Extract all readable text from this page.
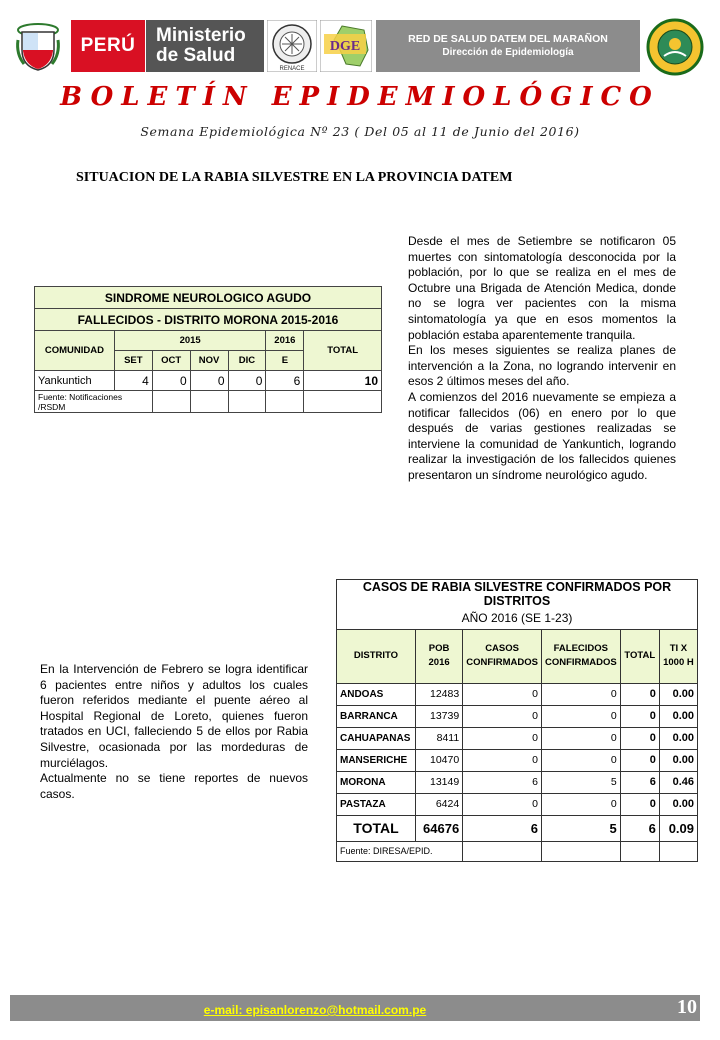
PERÚ Ministerio
de Salud
RENACE
DGE	RED DE SALUD DATEM DEL MARAÑON
Dirección de Epidemiología
BOLETÍN EPIDEMIOLÓGICO
Semana Epidemiológica Nº 23 ( Del 05 al 11 de Junio del 2016)
SITUACION DE LA RABIA SILVESTRE EN LA PROVINCIA DATEM
SINDROME NEUROLOGICO AGUDO						
FALLECIDOS - DISTRITO MORONA 2015-2016						
COMUNIDAD	2015				2016	TOTAL
	SET	OCT	NOV	DIC	E	
Yankuntich	4	0	0	0	6	10
Fuente: Notificaciones /RSDM						

Desde el mes de Setiembre se notificaron 05 muertes con sintomatología desconocida por la población, por lo que se realiza en el mes de Octubre una Brigada de Atención Medica, donde no se logra ver pacientes con la misma sintomatología ya que en esos momentos la población estaba aparentemente tranquila.

En los meses siguientes se realiza planes de intervención a la Zona, no logrando intervenir en esos 2 últimos meses del año.

A comienzos del 2016 nuevamente se empieza a notificar fallecidos (06) en enero por lo que después de varias gestiones realizadas se interviene la comunidad de Yankuntich, logrando realizar la investigación de los fallecidos quienes presentaron un síndrome neurológico agudo.

En la Intervención de Febrero se logra identificar 6 pacientes entre niños y adultos los cuales fueron referidos mediante el puente aéreo al Hospital Regional de Loreto, quienes fueron tratados en UCI, falleciendo 5 de ellos por Rabia Silvestre, ocasionada por las mordeduras de murciélagos.

Actualmente no se tiene reportes de nuevos casos.

CASOS DE RABIA SILVESTRE CONFIRMADOS POR DISTRITOS					
AÑO 2016 (SE 1-23)					
DISTRITO	POB 2016	CASOS CONFIRMADOS	FALECIDOS CONFIRMADOS	TOTAL	TI X 1000 H
ANDOAS	12483	0	0	0	0.00
BARRANCA	13739	0	0	0	0.00
CAHUAPANAS	8411	0	0	0	0.00
MANSERICHE	10470	0	0	0	0.00
MORONA	13149	6	5	6	0.46
PASTAZA	6424	0	0	0	0.00
TOTAL	64676	6	5	6	0.09
Fuente: DIRESA/EPID.					
e-mail: episanlorenzo@hotmail.com.pe	10
